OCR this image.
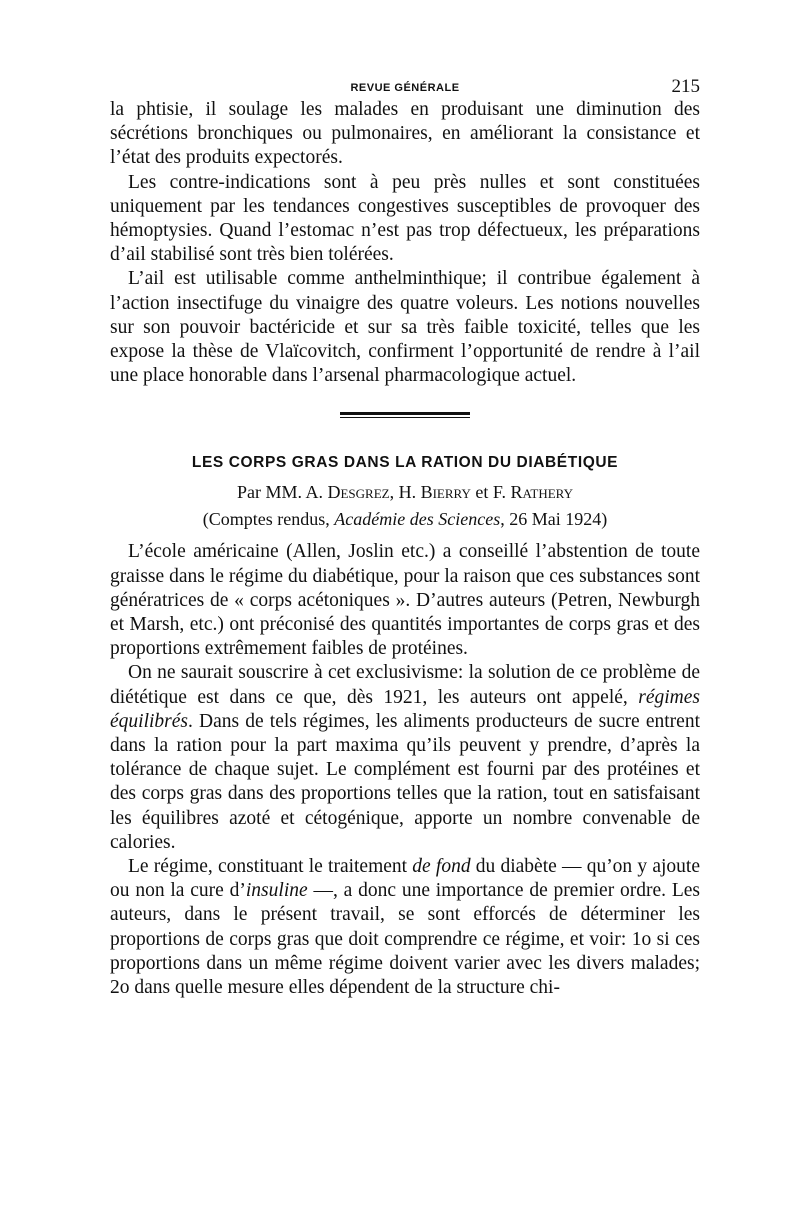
REVUE GÉNÉRALE	215

la phtisie, il soulage les malades en produisant une diminution des sécrétions bronchiques ou pulmonaires, en améliorant la consistance et l’état des produits expectorés.

Les contre-indications sont à peu près nulles et sont constituées uniquement par les tendances congestives susceptibles de provoquer des hémoptysies. Quand l’estomac n’est pas trop défectueux, les préparations d’ail stabilisé sont très bien tolérées.

L’ail est utilisable comme anthelminthique; il contribue également à l’action insectifuge du vinaigre des quatre voleurs. Les notions nouvelles sur son pouvoir bactéricide et sur sa très faible toxicité, telles que les expose la thèse de Vlaïcovitch, confirment l’opportunité de rendre à l’ail une place honorable dans l’arsenal pharmacologique actuel.

LES CORPS GRAS DANS LA RATION DU DIABÉTIQUE
Par MM. A. Desgrez, H. Bierry et F. Rathery
(Comptes rendus, Académie des Sciences, 26 Mai 1924)

L’école américaine (Allen, Joslin etc.) a conseillé l’abstention de toute graisse dans le régime du diabétique, pour la raison que ces substances sont génératrices de « corps acétoniques ». D’autres auteurs (Petren, Newburgh et Marsh, etc.) ont préconisé des quantités importantes de corps gras et des proportions extrêmement faibles de protéines.

On ne saurait souscrire à cet exclusivisme: la solution de ce problème de diététique est dans ce que, dès 1921, les auteurs ont appelé, régimes équilibrés. Dans de tels régimes, les aliments producteurs de sucre entrent dans la ration pour la part maxima qu’ils peuvent y prendre, d’après la tolérance de chaque sujet. Le complément est fourni par des protéines et des corps gras dans des proportions telles que la ration, tout en satisfaisant les équilibres azoté et cétogénique, apporte un nombre convenable de calories.

Le régime, constituant le traitement de fond du diabète — qu’on y ajoute ou non la cure d’insuline —, a donc une importance de premier ordre. Les auteurs, dans le présent travail, se sont efforcés de déterminer les proportions de corps gras que doit comprendre ce régime, et voir: 1o si ces proportions dans un même régime doivent varier avec les divers malades; 2o dans quelle mesure elles dépendent de la structure chi-
